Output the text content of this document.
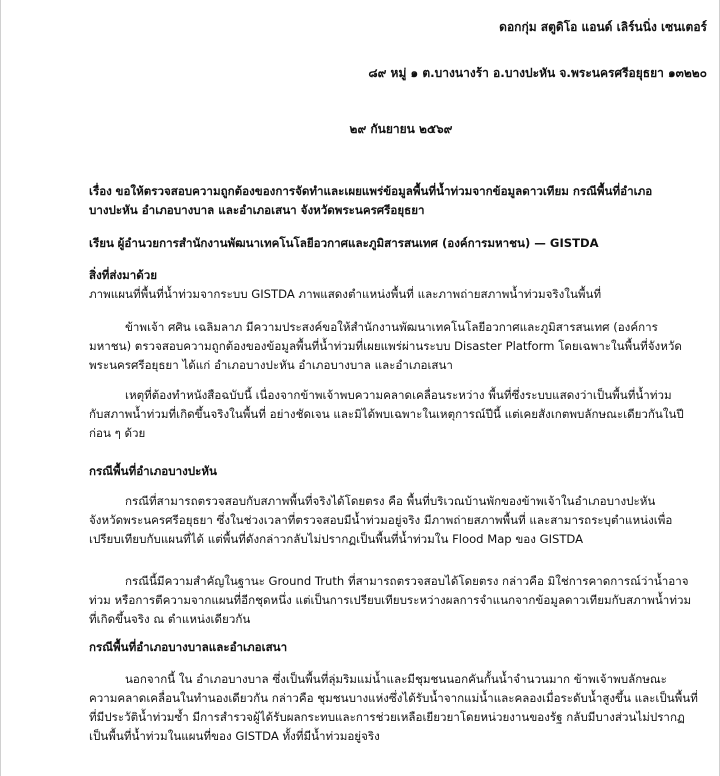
ดอกกุ่ม สตูดิโอ แอนด์ เลิร์นนิ่ง เซนเตอร์
๘๙ หมู่ ๑ ต.บางนางร้า อ.บางปะหัน จ.พระนครศรีอยุธยา ๑๓๒๒๐
๒๙ กันยายน ๒๕๖๙

เรื่อง ขอให้ตรวจสอบความถูกต้องของการจัดทำและเผยแพร่ข้อมูลพื้นที่น้ำท่วมจากข้อมูลดาวเทียม กรณีพื้นที่อำเภอ

บางปะหัน อำเภอบางบาล และอำเภอเสนา จังหวัดพระนครศรีอยุธยา

เรียน ผู้อำนวยการสำนักงานพัฒนาเทคโนโลยีอวกาศและภูมิสารสนเทศ (องค์การมหาชน) — GISTDA

สิ่งที่ส่งมาด้วย

ภาพแผนที่พื้นที่น้ำท่วมจากระบบ GISTDA ภาพแสดงตำแหน่งพื้นที่ และภาพถ่ายสภาพน้ำท่วมจริงในพื้นที่

ข้าพเจ้า ศศิน เฉลิมลาภ มีความประสงค์ขอให้สำนักงานพัฒนาเทคโนโลยีอวกาศและภูมิสารสนเทศ (องค์การ

มหาชน) ตรวจสอบความถูกต้องของข้อมูลพื้นที่น้ำท่วมที่เผยแพร่ผ่านระบบ Disaster Platform โดยเฉพาะในพื้นที่จังหวัด

พระนครศรีอยุธยา ได้แก่ อำเภอบางปะหัน อำเภอบางบาล และอำเภอเสนา

เหตุที่ต้องทำหนังสือฉบับนี้ เนื่องจากข้าพเจ้าพบความคลาดเคลื่อนระหว่าง พื้นที่ซึ่งระบบแสดงว่าเป็นพื้นที่น้ำท่วม

กับสภาพน้ำท่วมที่เกิดขึ้นจริงในพื้นที่ อย่างชัดเจน และมิได้พบเฉพาะในเหตุการณ์ปีนี้ แต่เคยสังเกตพบลักษณะเดียวกันในปี

ก่อน ๆ ด้วย

กรณีพื้นที่อำเภอบางปะหัน

กรณีที่สามารถตรวจสอบกับสภาพพื้นที่จริงได้โดยตรง คือ พื้นที่บริเวณบ้านพักของข้าพเจ้าในอำเภอบางปะหัน

จังหวัดพระนครศรีอยุธยา ซึ่งในช่วงเวลาที่ตรวจสอบมีน้ำท่วมอยู่จริง มีภาพถ่ายสภาพพื้นที่ และสามารถระบุตำแหน่งเพื่อ

เปรียบเทียบกับแผนที่ได้ แต่พื้นที่ดังกล่าวกลับไม่ปรากฏเป็นพื้นที่น้ำท่วมใน Flood Map ของ GISTDA

กรณีนี้มีความสำคัญในฐานะ Ground Truth ที่สามารถตรวจสอบได้โดยตรง กล่าวคือ มิใช่การคาดการณ์ว่าน้ำอาจ

ท่วม หรือการตีความจากแผนที่อีกชุดหนึ่ง แต่เป็นการเปรียบเทียบระหว่างผลการจำแนกจากข้อมูลดาวเทียมกับสภาพน้ำท่วม

ที่เกิดขึ้นจริง ณ ตำแหน่งเดียวกัน

กรณีพื้นที่อำเภอบางบาลและอำเภอเสนา

นอกจากนี้ ใน อำเภอบางบาล ซึ่งเป็นพื้นที่ลุ่มริมแม่น้ำและมีชุมชนนอกคันกั้นน้ำจำนวนมาก ข้าพเจ้าพบลักษณะ

ความคลาดเคลื่อนในทำนองเดียวกัน กล่าวคือ ชุมชนบางแห่งซึ่งได้รับน้ำจากแม่น้ำและคลองเมื่อระดับน้ำสูงขึ้น และเป็นพื้นที่

ที่มีประวัติน้ำท่วมซ้ำ มีการสำรวจผู้ได้รับผลกระทบและการช่วยเหลือเยียวยาโดยหน่วยงานของรัฐ กลับมีบางส่วนไม่ปรากฏ

เป็นพื้นที่น้ำท่วมในแผนที่ของ GISTDA ทั้งที่มีน้ำท่วมอยู่จริง
